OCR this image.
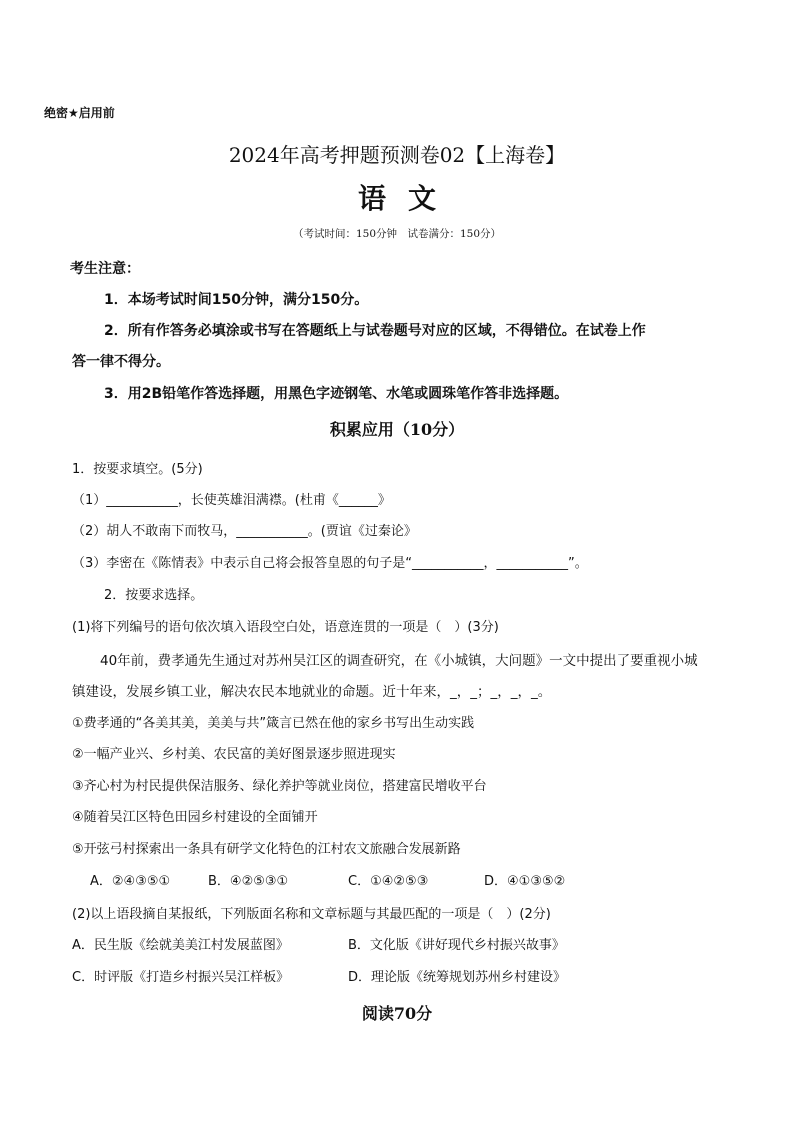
绝密★启用前
2024年高考押题预测卷02【上海卷】
语文
（考试时间：150分钟　试卷满分：150分）
考生注意：
1．本场考试时间150分钟，满分150分。
2．所有作答务必填涂或书写在答题纸上与试卷题号对应的区域，不得错位。在试卷上作
答一律不得分。
3．用2B铅笔作答选择题，用黑色字迹钢笔、水笔或圆珠笔作答非选择题。
积累应用（10分）
1．按要求填空。(5分)
（1）___________，长使英雄泪满襟。(杜甫《______》
（2）胡人不敢南下而牧马，___________。(贾谊《过秦论》
（3）李密在《陈情表》中表示自己将会报答皇恩的句子是“___________，___________”。
2．按要求选择。
(1)将下列编号的语句依次填入语段空白处，语意连贯的一项是（　）(3分)
40年前，费孝通先生通过对苏州吴江区的调查研究，在《小城镇，大问题》一文中提出了要重视小城
镇建设，发展乡镇工业，解决农民本地就业的命题。近十年来，_，_；_，_，_。
①费孝通的“各美其美，美美与共”箴言已然在他的家乡书写出生动实践
②一幅产业兴、乡村美、农民富的美好图景逐步照进现实
③齐心村为村民提供保洁服务、绿化养护等就业岗位，搭建富民增收平台
④随着吴江区特色田园乡村建设的全面铺开
⑤开弦弓村探索出一条具有研学文化特色的江村农文旅融合发展新路
A．②④③⑤①	B．④②⑤③①	C．①④②⑤③	D．④①③⑤②
(2)以上语段摘自某报纸，下列版面名称和文章标题与其最匹配的一项是（　）(2分)
A．民生版《绘就美美江村发展蓝图》	B．文化版《讲好现代乡村振兴故事》
C．时评版《打造乡村振兴吴江样板》	D．理论版《统筹规划苏州乡村建设》
阅读70分
